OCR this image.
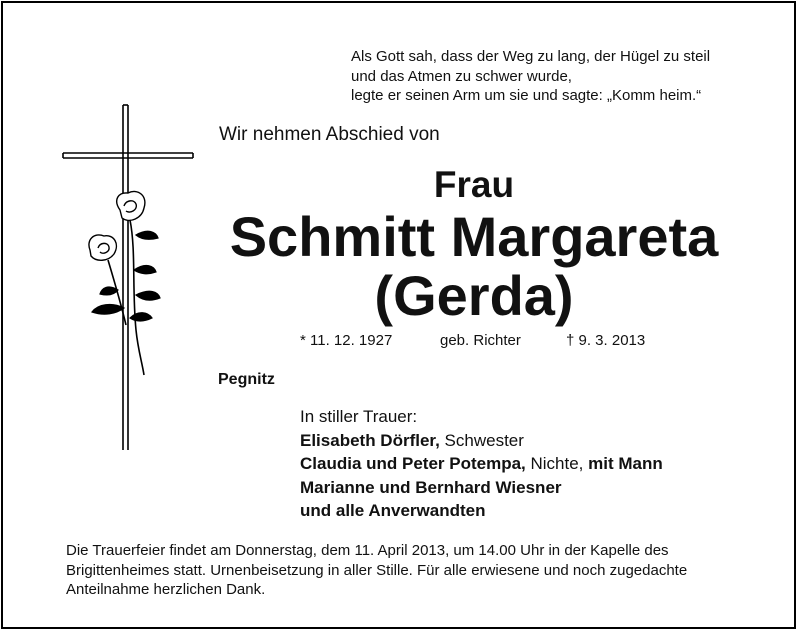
Als Gott sah, dass der Weg zu lang, der Hügel zu steil
und das Atmen zu schwer wurde,
legte er seinen Arm um sie und sagte: „Komm heim.“
Wir nehmen Abschied von
Frau
Schmitt Margareta
(Gerda)
* 11. 12. 1927	geb. Richter	† 9. 3. 2013
Pegnitz
In stiller Trauer:
Elisabeth Dörfler, Schwester
Claudia und Peter Potempa, Nichte, mit Mann
Marianne und Bernhard Wiesner
und alle Anverwandten
Die Trauerfeier findet am Donnerstag, dem 11. April 2013, um 14.00 Uhr in der Kapelle des
Brigittenheimes statt. Urnenbeisetzung in aller Stille. Für alle erwiesene und noch zugedachte
Anteilnahme herzlichen Dank.
